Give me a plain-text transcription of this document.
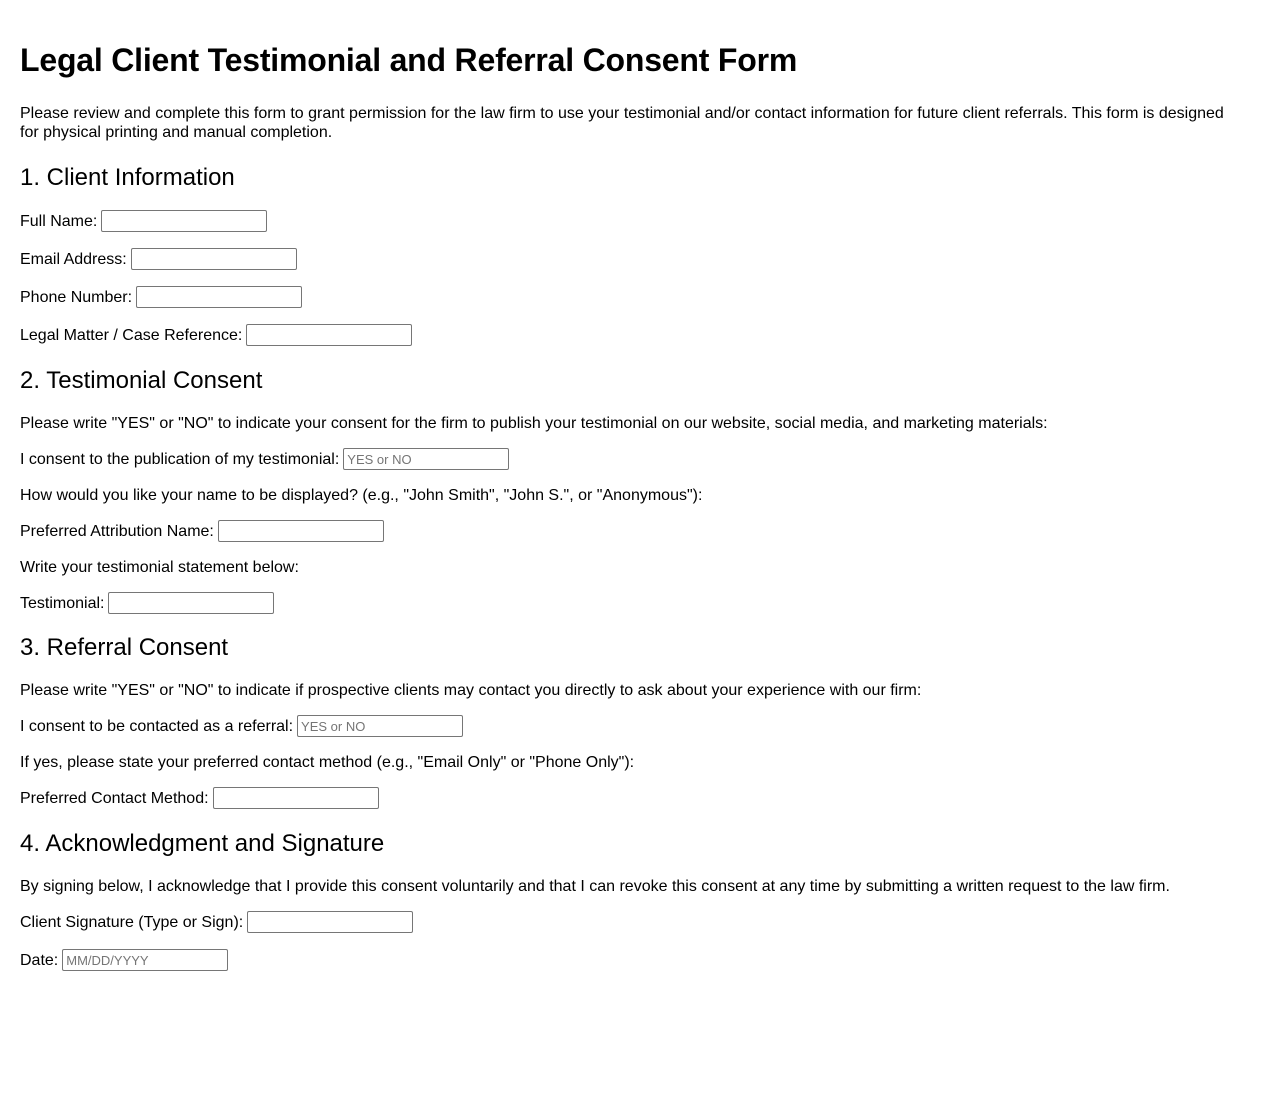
Legal Client Testimonial and Referral Consent Form

Please review and complete this form to grant permission for the law firm to use your testimonial and/or contact information for future client referrals. This form is designed for physical printing and manual completion.

1. Client Information
Full Name:
Email Address:
Phone Number:
Legal Matter / Case Reference:
2. Testimonial Consent

Please write "YES" or "NO" to indicate your consent for the firm to publish your testimonial on our website, social media, and marketing materials:

I consent to the publication of my testimonial:
YES or NO

How would you like your name to be displayed? (e.g., "John Smith", "John S.", or "Anonymous"):

Preferred Attribution Name:

Write your testimonial statement below:

Testimonial:
3. Referral Consent

Please write "YES" or "NO" to indicate if prospective clients may contact you directly to ask about your experience with our firm:

I consent to be contacted as a referral:
YES or NO

If yes, please state your preferred contact method (e.g., "Email Only" or "Phone Only"):

Preferred Contact Method:
4. Acknowledgment and Signature

By signing below, I acknowledge that I provide this consent voluntarily and that I can revoke this consent at any time by submitting a written request to the law firm.

Client Signature (Type or Sign):
Date:
MM/DD/YYYY
